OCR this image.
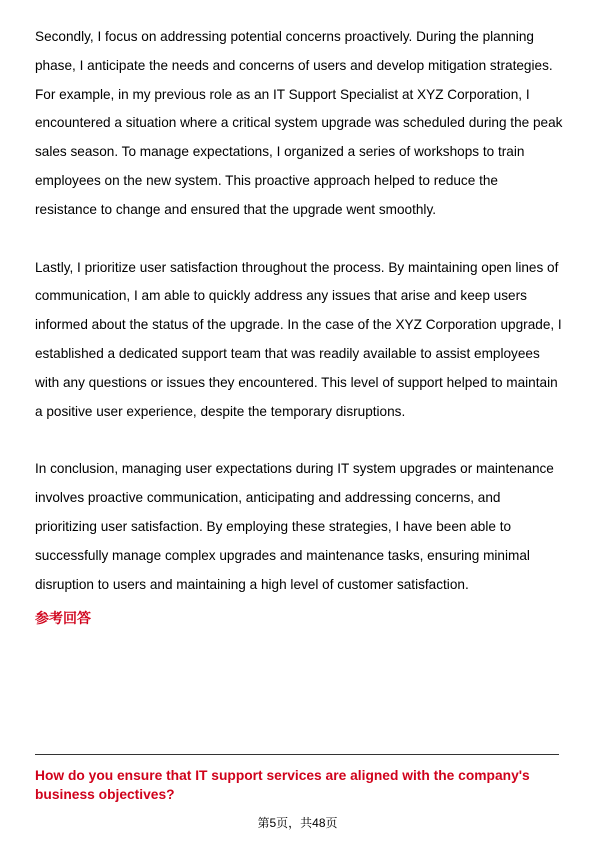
Secondly, I focus on addressing potential concerns proactively. During the planning phase, I anticipate the needs and concerns of users and develop mitigation strategies. For example, in my previous role as an IT Support Specialist at XYZ Corporation, I encountered a situation where a critical system upgrade was scheduled during the peak sales season. To manage expectations, I organized a series of workshops to train employees on the new system. This proactive approach helped to reduce the resistance to change and ensured that the upgrade went smoothly.

Lastly, I prioritize user satisfaction throughout the process. By maintaining open lines of communication, I am able to quickly address any issues that arise and keep users informed about the status of the upgrade. In the case of the XYZ Corporation upgrade, I established a dedicated support team that was readily available to assist employees with any questions or issues they encountered. This level of support helped to maintain a positive user experience, despite the temporary disruptions.

In conclusion, managing user expectations during IT system upgrades or maintenance involves proactive communication, anticipating and addressing concerns, and prioritizing user satisfaction. By employing these strategies, I have been able to successfully manage complex upgrades and maintenance tasks, ensuring minimal disruption to users and maintaining a high level of customer satisfaction.

参考回答
How do you ensure that IT support services are aligned with the company's business objectives?
第5页，共48页
